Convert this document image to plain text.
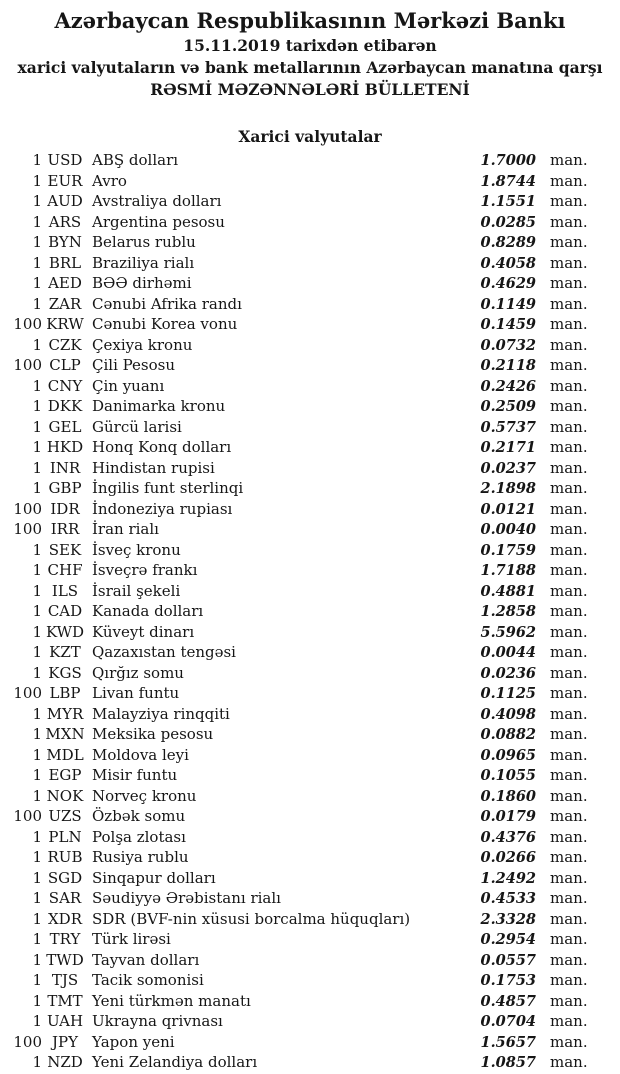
Azərbaycan Respublikasının Mərkəzi Bankı
15.11.2019 tarixdən etibarən
xarici valyutaların və bank metallarının Azərbaycan manatına qarşı
RƏSMİ MƏZƏNNƏLƏRİ BÜLLETENİ
Xarici valyutalar
1 USD ABŞ dolları	1.7000 man.
1 EUR Avro	1.8744 man.
1 AUD Avstraliya dolları	1.1551 man.
1 ARS Argentina pesosu	0.0285 man.
1 BYN Belarus rublu	0.8289 man.
1 BRL Braziliya rialı	0.4058 man.
1 AED BƏƏ dirhəmi	0.4629 man.
1 ZAR Cənubi Afrika randı	0.1149 man.
100 KRW Cənubi Korea vonu	0.1459 man.
1 CZK Çexiya kronu	0.0732 man.
100 CLP Çili Pesosu	0.2118 man.
1 CNY Çin yuanı	0.2426 man.
1 DKK Danimarka kronu	0.2509 man.
1 GEL Gürcü larisi	0.5737 man.
1 HKD Honq Konq dolları	0.2171 man.
1 INR Hindistan rupisi	0.0237 man.
1 GBP İngilis funt sterlinqi	2.1898 man.
100 IDR İndoneziya rupiası	0.0121 man.
100 IRR İran rialı	0.0040 man.
1 SEK İsveç kronu	0.1759 man.
1 CHF İsveçrə frankı	1.7188 man.
1 ILS İsrail şekeli	0.4881 man.
1 CAD Kanada dolları	1.2858 man.
1 KWD Küveyt dinarı	5.5962 man.
1 KZT Qazaxıstan tengəsi	0.0044 man.
1 KGS Qırğız somu	0.0236 man.
100 LBP Livan funtu	0.1125 man.
1 MYR Malayziya rinqqiti	0.4098 man.
1 MXN Meksika pesosu	0.0882 man.
1 MDL Moldova leyi	0.0965 man.
1 EGP Misir funtu	0.1055 man.
1 NOK Norveç kronu	0.1860 man.
100 UZS Özbək somu	0.0179 man.
1 PLN Polşa zlotası	0.4376 man.
1 RUB Rusiya rublu	0.0266 man.
1 SGD Sinqapur dolları	1.2492 man.
1 SAR Səudiyyə Ərəbistanı rialı	0.4533 man.
1 XDR SDR (BVF-nin xüsusi borcalma hüquqları)	2.3328 man.
1 TRY Türk lirəsi	0.2954 man.
1 TWD Tayvan dolları	0.0557 man.
1 TJS Tacik somonisi	0.1753 man.
1 TMT Yeni türkmən manatı	0.4857 man.
1 UAH Ukrayna qrivnası	0.0704 man.
100 JPY Yapon yeni	1.5657 man.
1 NZD Yeni Zelandiya dolları	1.0857 man.
